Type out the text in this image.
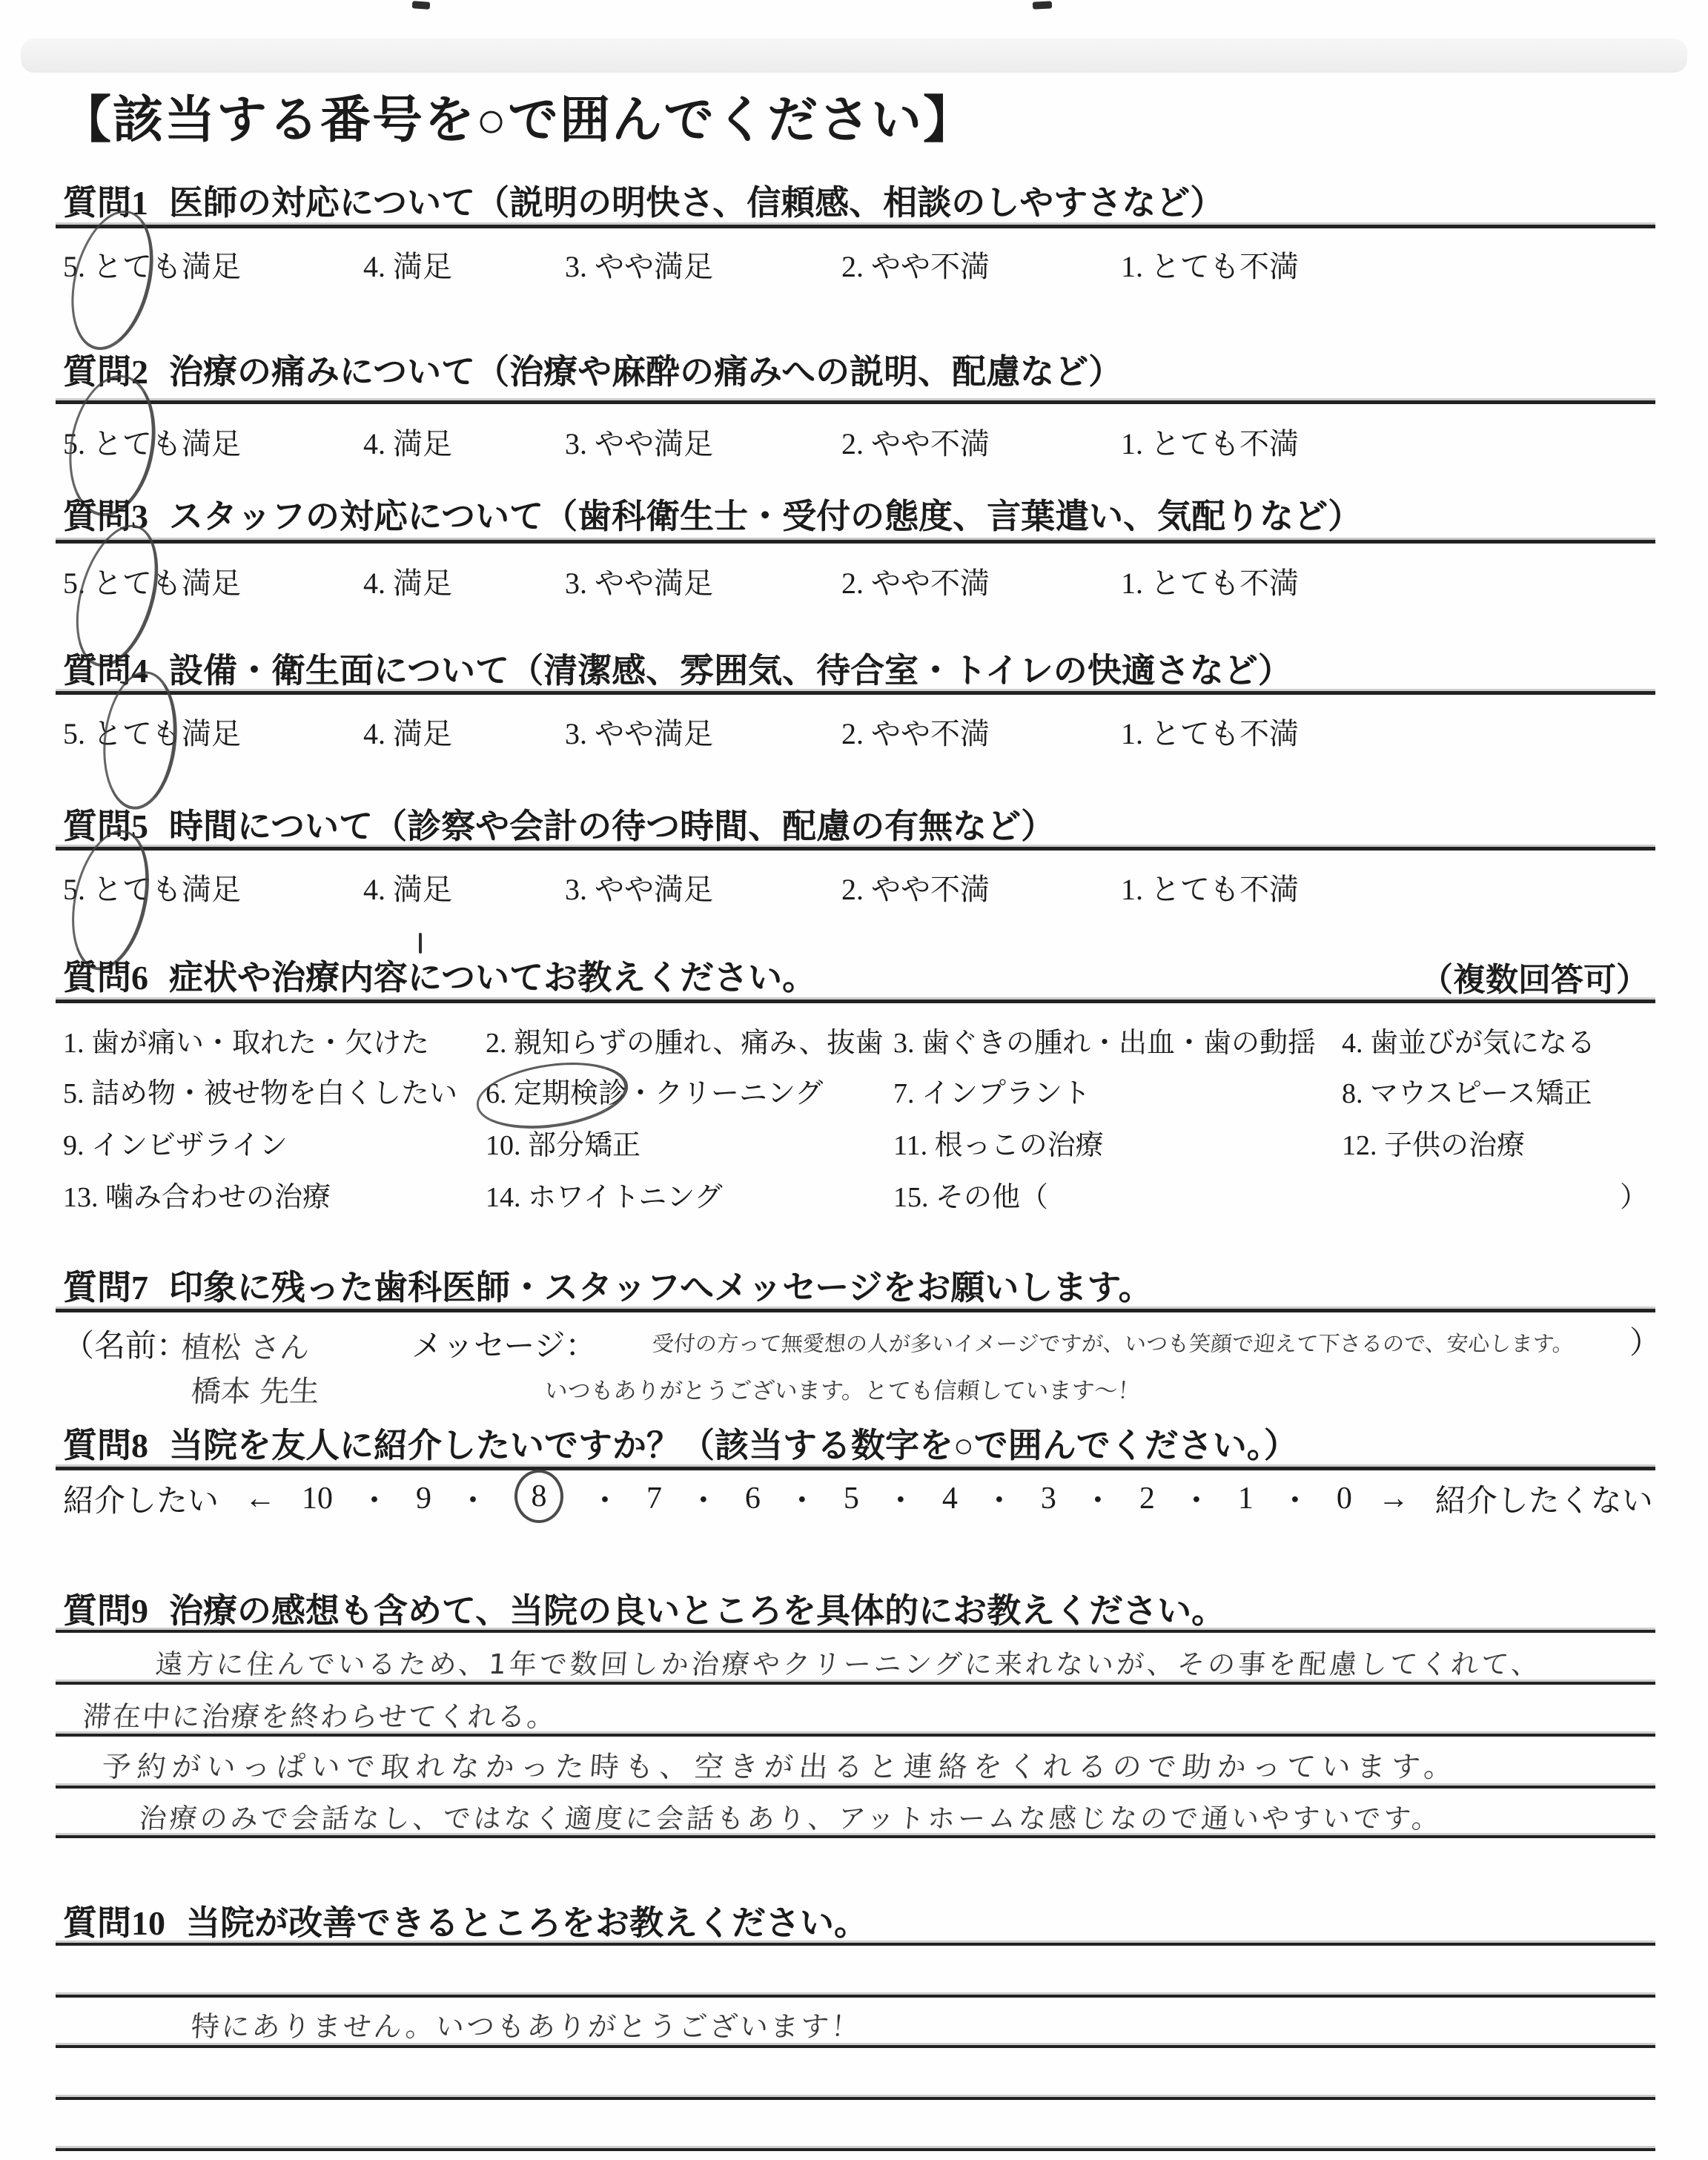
【該当する番号を○で囲んでください】
質問1 医師の対応について（説明の明快さ、信頼感、相談のしやすさなど）
5. とても満足	4. 満足	3. やや満足	2. やや不満	1. とても不満
質問2 治療の痛みについて（治療や麻酔の痛みへの説明、配慮など）
5. とても満足	4. 満足	3. やや満足	2. やや不満	1. とても不満
質問3 スタッフの対応について（歯科衛生士・受付の態度、言葉遣い、気配りなど）
5. とても満足	4. 満足	3. やや満足	2. やや不満	1. とても不満
質問4 設備・衛生面について（清潔感、雰囲気、待合室・トイレの快適さなど）
5. とても満足	4. 満足	3. やや満足	2. やや不満	1. とても不満
質問5 時間について（診察や会計の待つ時間、配慮の有無など）
5. とても満足	4. 満足	3. やや満足	2. やや不満	1. とても不満
質問6 症状や治療内容についてお教えください。	（複数回答可）
1. 歯が痛い・取れた・欠けた 2. 親知らずの腫れ、痛み、抜歯 3. 歯ぐきの腫れ・出血・歯の動揺 4. 歯並びが気になる
5. 詰め物・被せ物を白くしたい 6. 定期検診・クリーニング 7. インプラント	8. マウスピース矯正
9. インビザライン	10. 部分矯正	11. 根っこの治療	12. 子供の治療
13. 噛み合わせの治療	14. ホワイトニング	15. その他（	）
質問7 印象に残った歯科医師・スタッフへメッセージをお願いします。
（名前：
植松 さん
橋本 先生
メッセージ：	受付の方って無愛想の人が多いイメージですが、いつも笑顔で迎えて下さるので、安心します。 ）
いつもありがとうございます。とても信頼しています〜！
質問8 当院を友人に紹介したいですか？（該当する数字を○で囲んでください。）
紹介したい ← 10 ・ 9 ・	8	・ 7 ・ 6 ・ 5 ・ 4 ・ 3 ・ 2 ・ 1 ・ 0 → 紹介したくない
質問9 治療の感想も含めて、当院の良いところを具体的にお教えください。
遠方に住んでいるため、1年で数回しか治療やクリーニングに来れないが、その事を配慮してくれて、
滞在中に治療を終わらせてくれる。
予約がいっぱいで取れなかった時も、空きが出ると連絡をくれるので助かっています。
治療のみで会話なし、ではなく適度に会話もあり、アットホームな感じなので通いやすいです。
質問10 当院が改善できるところをお教えください。
特にありません。いつもありがとうございます！
